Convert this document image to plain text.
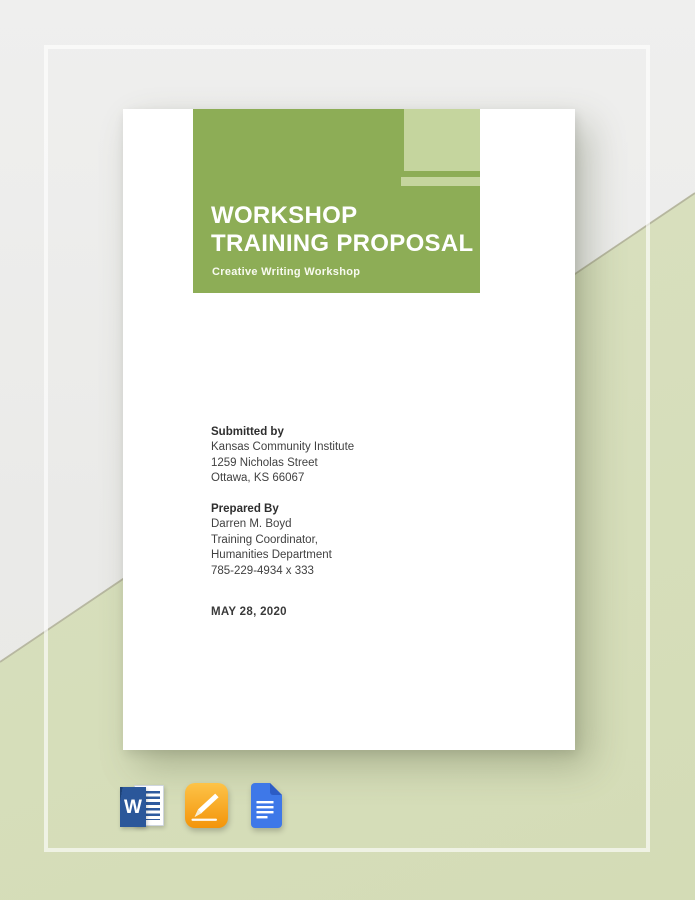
WORKSHOP
TRAINING PROPOSAL
Creative Writing Workshop
Submitted by
Kansas Community Institute
1259 Nicholas Street
Ottawa, KS 66067
Prepared By
Darren M. Boyd
Training Coordinator,
Humanities Department
785-229-4934 x 333
MAY 28, 2020
W
